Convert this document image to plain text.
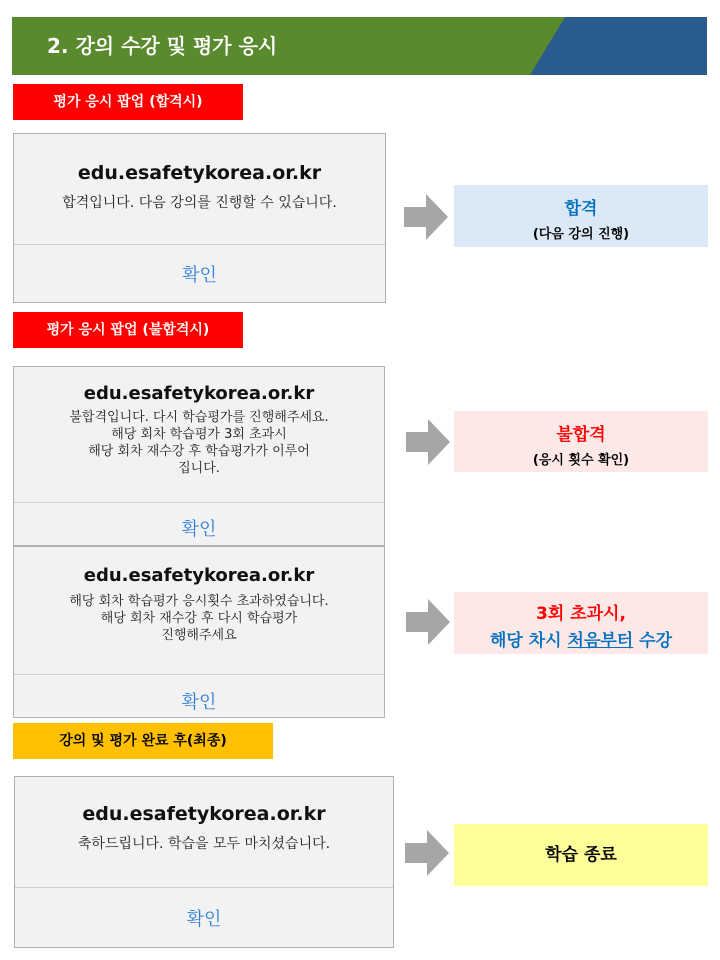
2. 강의 수강 및 평가 응시
평가 응시 팝업 (합격시)
edu.esafetykorea.or.kr
합격입니다. 다음 강의를 진행할 수 있습니다.
확인
합격
(다음 강의 진행)
평가 응시 팝업 (불합격시)
edu.esafetykorea.or.kr
불합격입니다. 다시 학습평가를 진행해주세요.
해당 회차 학습평가 3회 초과시
해당 회차 재수강 후 학습평가가 이루어
집니다.
확인
불합격
(응시 횟수 확인)
edu.esafetykorea.or.kr
해당 회차 학습평가 응시횟수 초과하였습니다.
해당 회차 재수강 후 다시 학습평가
진행해주세요
확인
3회 초과시,
해당 차시 처음부터 수강
강의 및 평가 완료 후(최종)
edu.esafetykorea.or.kr
축하드립니다. 학습을 모두 마치셨습니다.
확인
학습 종료
